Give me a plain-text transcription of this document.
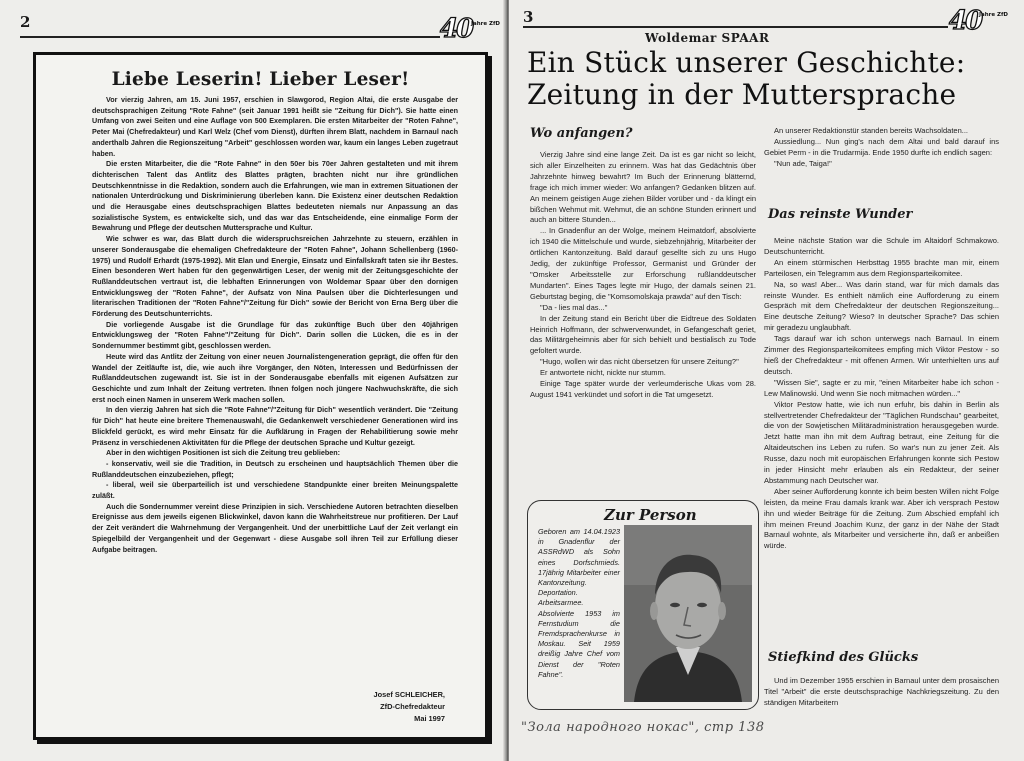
2	40
Jahre ZfD
Liebe Leserin! Lieber Leser!

Vor vierzig Jahren, am 15. Juni 1957, erschien in Slawgorod, Region Altai, die erste Ausgabe der deutschsprachigen Zeitung "Rote Fahne" (seit Januar 1991 heißt sie "Zeitung für Dich"). Sie hatte einen Umfang von zwei Seiten und eine Auflage von 500 Exemplaren. Die ersten Mitarbeiter der "Roten Fahne", Peter Mai (Chefredakteur) und Karl Welz (Chef vom Dienst), dürften ihrem Blatt, nachdem in Barnaul nach anderthalb Jahren die Regionszeitung "Arbeit" geschlossen worden war, kaum ein langes Leben zugetraut haben.

Die ersten Mitarbeiter, die die "Rote Fahne" in den 50er bis 70er Jahren gestalteten und mit ihrem dichterischen Talent das Antlitz des Blattes prägten, brachten nicht nur ihre gründlichen Deutschkenntnisse in die Redaktion, sondern auch die Erfahrungen, wie man in extremen Situationen der nationalen Unterdrückung und Diskriminierung überleben kann. Die Existenz einer deutschen Redaktion und die Herausgabe eines deutschsprachigen Blattes bedeuteten niemals nur Anpassung an das sozialistische System, es entwickelte sich, und das war das Entscheidende, eine einmalige Form der Bewahrung und Pflege der deutschen Muttersprache und Kultur.

Wie schwer es war, das Blatt durch die widerspruchsreichen Jahrzehnte zu steuern, erzählen in unserer Sonderausgabe die ehemaligen Chefredakteure der "Roten Fahne", Johann Schellenberg (1960-1975) und Rudolf Erhardt (1975-1992). Mit Elan und Energie, Einsatz und Einfallskraft taten sie ihr Bestes. Einen besonderen Wert haben für den gegenwärtigen Leser, der wenig mit der Zeitungsgeschichte der Rußlanddeutschen vertraut ist, die lebhaften Erinnerungen von Woldemar Spaar über den dornigen Entwicklungsweg der "Roten Fahne", der Aufsatz von Nina Paulsen über die Dichterlesungen und literarischen Traditionen der "Roten Fahne"/"Zeitung für Dich" sowie der Bericht von Erna Berg über die Förderung des Deutschunterrichts.

Die vorliegende Ausgabe ist die Grundlage für das zukünftige Buch über den 40jährigen Entwicklungsweg der "Roten Fahne"/"Zeitung für Dich". Darin sollen die Lücken, die es in der Sondernummer bestimmt gibt, geschlossen werden.

Heute wird das Antlitz der Zeitung von einer neuen Journalistengeneration geprägt, die offen für den Wandel der Zeitläufte ist, die, wie auch ihre Vorgänger, den Nöten, Interessen und Bedürfnissen der Rußlanddeutschen zugewandt ist. Sie ist in der Sonderausgabe ebenfalls mit eigenen Aufsätzen zur Geschichte und zum Inhalt der Zeitung vertreten. Ihnen folgen noch jüngere Nachwuchskräfte, die sich erst noch einen Namen in unserem Werk machen sollen.

In den vierzig Jahren hat sich die "Rote Fahne"/"Zeitung für Dich" wesentlich verändert. Die "Zeitung für Dich" hat heute eine breitere Themenauswahl, die Gedankenwelt verschiedener Generationen wird ins Blickfeld gerückt, es wird mehr Einsatz für die Aufklärung in Fragen der Rehabilitierung sowie mehr Präsenz in verschiedenen Aktivitäten für die Pflege der deutschen Sprache und Kultur gezeigt.

Aber in den wichtigen Positionen ist sich die Zeitung treu geblieben:

- konservativ, weil sie die Tradition, in Deutsch zu erscheinen und hauptsächlich Themen über die Rußlanddeutschen einzubeziehen, pflegt;

- liberal, weil sie überparteilich ist und verschiedene Standpunkte einer breiten Meinungspalette zuläßt.

Auch die Sondernummer vereint diese Prinzipien in sich. Verschiedene Autoren betrachten dieselben Ereignisse aus dem jeweils eigenen Blickwinkel, davon kann die Wahrheitstreue nur profitieren. Der Lauf der Zeit verändert die Wahrnehmung der Vergangenheit. Und der unerbittliche Lauf der Zeit verlangt ein Spiegelbild der Vergangenheit und der Gegenwart - diese Ausgabe soll ihren Teil zur Erfüllung dieser Aufgabe beitragen.

Josef SCHLEICHER,
ZfD-Chefredakteur
Mai 1997
3	40
Jahre ZfD
Woldemar SPAAR
Ein Stück unserer Geschichte:
Zeitung in der Muttersprache
Wo anfangen?

Vierzig Jahre sind eine lange Zeit. Da ist es gar nicht so leicht, sich aller Einzelheiten zu erinnern. Was hat das Gedächtnis über Jahrzehnte hinweg bewahrt? Im Buch der Erinnerung blätternd, frage ich mich immer wieder: Wo anfangen? Gedanken blitzen auf. An meinem geistigen Auge ziehen Bilder vorüber und - da klingt ein bißchen Wehmut mit. Wehmut, die an schöne Stunden erinnert und auch an bittere Stunden...

... In Gnadenflur an der Wolge, meinem Heimatdorf, absolvierte ich 1940 die Mittelschule und wurde, siebzehnjährig, Mitarbeiter der örtlichen Kantonzeitung. Bald darauf gesellte sich zu uns Hugo Jedig, der zukünftige Professor, Germanist und Gründer der "Omsker Arbeitsstelle zur Erforschung rußlanddeutscher Mundarten". Eines Tages legte mir Hugo, der damals seinen 21. Geburtstag beging, die "Komsomolskaja prawda" auf den Tisch:

"Da - lies mal das..."

In der Zeitung stand ein Bericht über die Eidtreue des Soldaten Heinrich Hoffmann, der schwerverwundet, in Gefangeschaft geriet, das Militärgeheimnis aber für sich behielt und bestialisch zu Tode gefoltert wurde.

"Hugo, wollen wir das nicht übersetzen für unsere Zeitung?"

Er antwortete nicht, nickte nur stumm.

Einige Tage später wurde der verleumderische Ukas vom 28. August 1941 verkündet und sofort in die Tat umgesetzt.

An unserer Redaktionstür standen bereits Wachsoldaten...

Aussiedlung... Nun ging's nach dem Altai und bald darauf ins Gebiet Perm - in die Trudarmija. Ende 1950 durfte ich endlich sagen:

"Nun ade, Taiga!"

Das reinste Wunder

Meine nächste Station war die Schule im Altaidorf Schmakowo. Deutschunterricht.

An einem stürmischen Herbsttag 1955 brachte man mir, einem Parteilosen, ein Telegramm aus dem Regionsparteikomitee.

Na, so was! Aber... Was darin stand, war für mich damals das reinste Wunder. Es enthielt nämlich eine Aufforderung zu einem Gespräch mit dem Chefredakteur der deutschen Regionszeitung... Eine deutsche Zeitung? Wieso? In deutscher Sprache? Das schien mir geradezu unglaubhaft.

Tags darauf war ich schon unterwegs nach Barnaul. In einem Zimmer des Regionsparteikomitees empfing mich Viktor Pestow - so hieß der Chefredakteur - mit offenen Armen. Wir unterhielten uns auf deutsch.

"Wissen Sie", sagte er zu mir, "einen Mitarbeiter habe ich schon - Lew Malinowski. Und wenn Sie noch mitmachen würden..."

Viktor Pestow hatte, wie ich nun erfuhr, bis dahin in Berlin als stellvertretender Chefredakteur der "Täglichen Rundschau" gearbeitet, die von der Sowjetischen Militäradministration herausgegeben wurde. Jetzt hatte man ihn mit dem Auftrag betraut, eine Zeitung für die Altaideutschen ins Leben zu rufen. So war's nun zu jener Zeit. Als Russe, dazu noch mit europäischen Erfahrungen konnte sich Pestow in jeder Hinsicht mehr erlauben als ein Redakteur, der seiner Abstammung nach Deutscher war.

Aber seiner Aufforderung konnte ich beim besten Willen nicht Folge leisten, da meine Frau damals krank war. Aber ich versprach Pestow ihn und wieder Beiträge für die Zeitung. Zum Abschied empfahl ich ihm meinen Freund Joachim Kunz, der ganz in der Nähe der Stadt Barnaul wohnte, als Mitarbeiter und versicherte ihn, daß er anbeißen würde.

Stiefkind des Glücks

Und im Dezember 1955 erschien in Barnaul unter dem prosaischen Titel "Arbeit" die erste deutschsprachige Nachkriegszeitung. Zu den ständigen Mitarbeitern

Zur Person
Geboren am 14.04.1923 in Gnadenflur der ASSRdWD als Sohn eines Dorfschmieds. 17jährig Mitarbeiter einer Kantonzeitung. Deportation. Arbeitsarmee. Absolvierte 1953 im Fernstudium die Fremdsprachenkurse in Moskau. Seit 1959 dreißig Jahre Chef vom Dienst der "Roten Fahne".
"Зола народного нокас", стр 138
